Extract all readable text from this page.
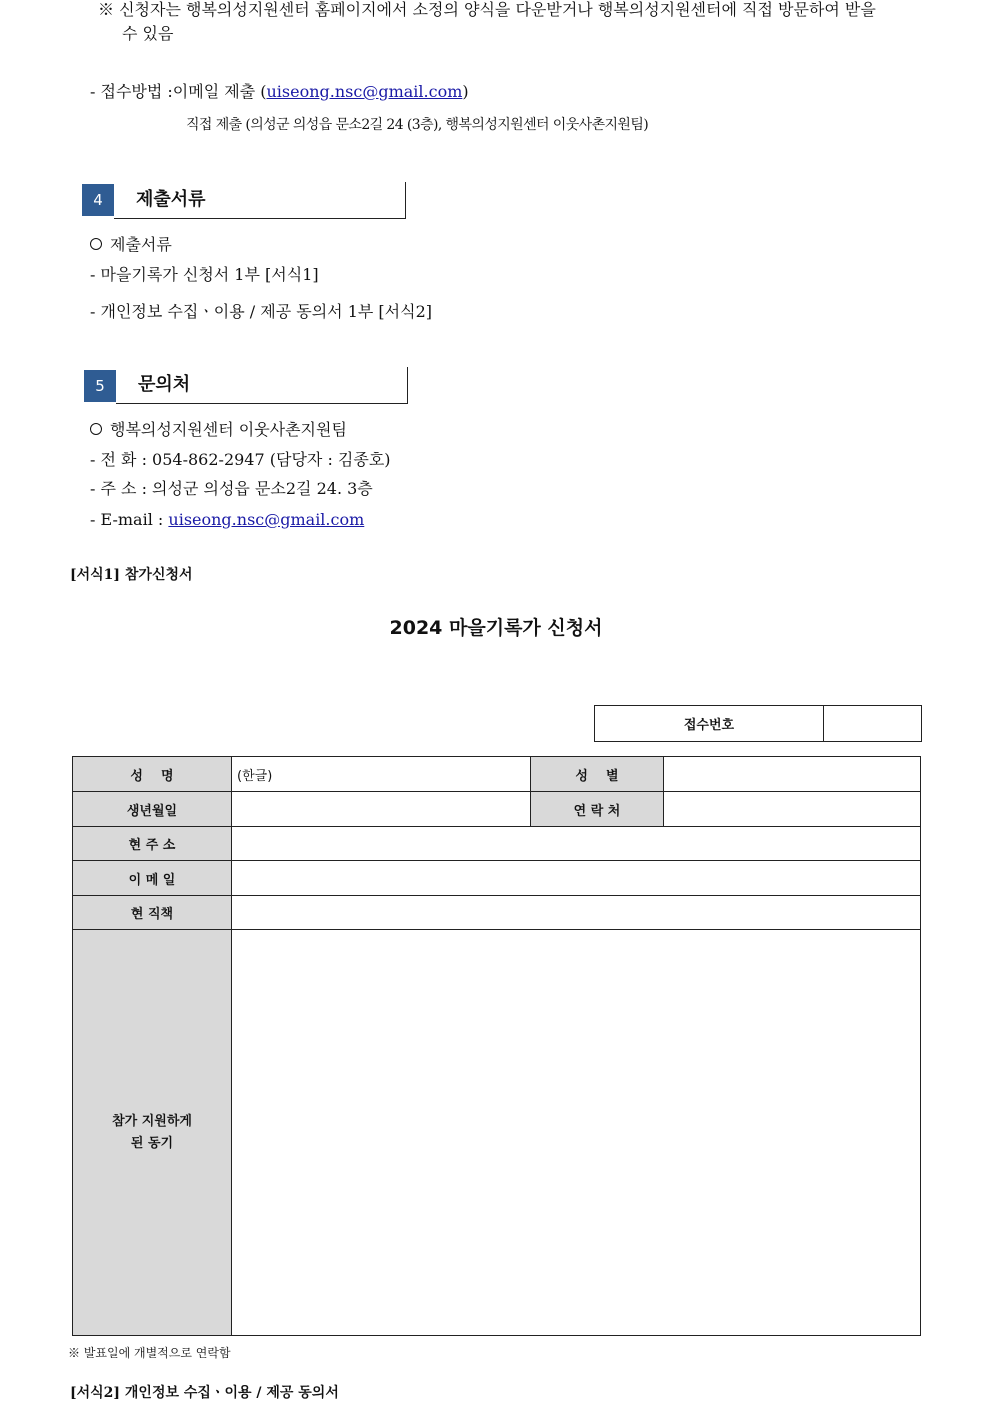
※ 신청자는 행복의성지원센터 홈페이지에서 소정의 양식을 다운받거나 행복의성지원센터에 직접 방문하여 받을
수 있음
- 접수방법 :이메일 제출 (uiseong.nsc@gmail.com)
직접 제출 (의성군 의성읍 문소2길 24 (3층), 행복의성지원센터 이웃사촌지원팀)
4	제출서류
제출서류
- 마을기록가 신청서 1부 [서식1]
- 개인정보 수집ㆍ이용 / 제공 동의서 1부 [서식2]
5	문의처
행복의성지원센터 이웃사촌지원팀
- 전 화 : 054-862-2947 (담당자 : 김종호)
- 주 소 : 의성군 의성읍 문소2길 24. 3층
- E-mail : uiseong.nsc@gmail.com
[서식1] 참가신청서
2024 마을기록가 신청서
접수번호	
성    명	(한글)	성    별	
생년월일		연 락 처	
현 주 소			
이 메 일			
현 직책			

참가 지원하게
된 동기			

※ 발표일에 개별적으로 연락함
[서식2] 개인정보 수집ㆍ이용 / 제공 동의서
